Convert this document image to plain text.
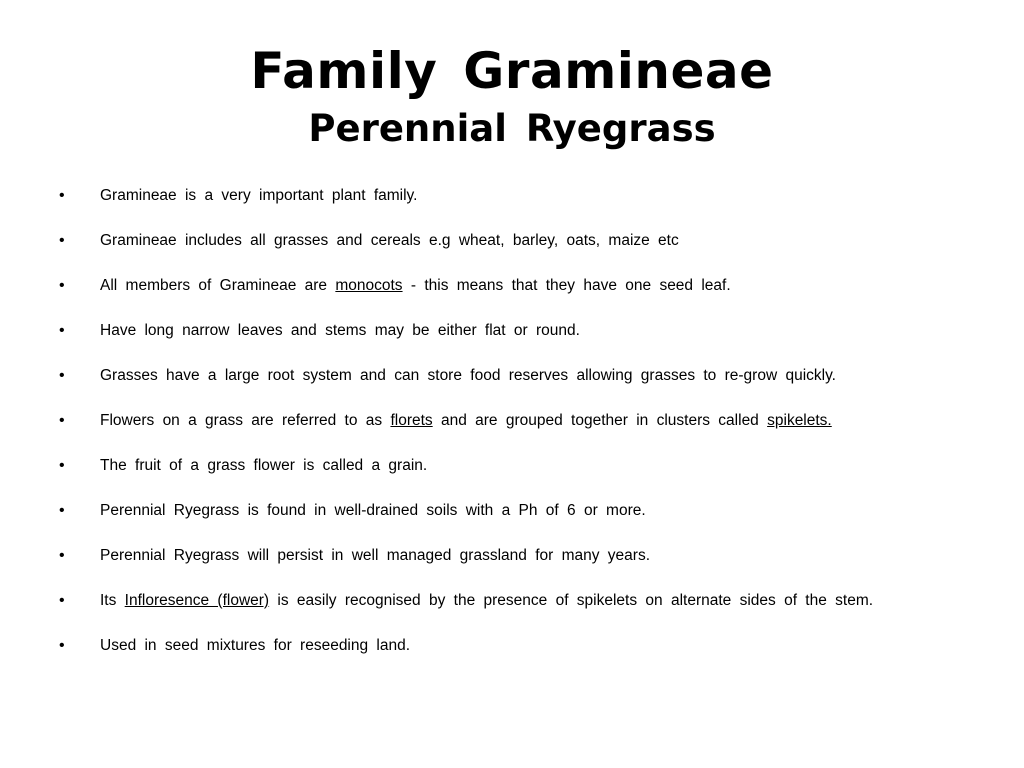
Family Gramineae
Perennial Ryegrass
• Gramineae is a very important plant family.
• Gramineae includes all grasses and cereals e.g wheat, barley, oats, maize etc
• All members of Gramineae are monocots - this means that they have one seed leaf.
• Have long narrow leaves and stems may be either flat or round.
• Grasses have a large root system and can store food reserves allowing grasses to re-grow quickly.
• Flowers on a grass are referred to as florets and are grouped together in clusters called spikelets.
• The fruit of a grass flower is called a grain.
• Perennial Ryegrass is found in well-drained soils with a Ph of 6 or more.
• Perennial Ryegrass will persist in well managed grassland for many years.
• Its Infloresence (flower) is easily recognised by the presence of spikelets on alternate sides of the stem.
• Used in seed mixtures for reseeding land.
